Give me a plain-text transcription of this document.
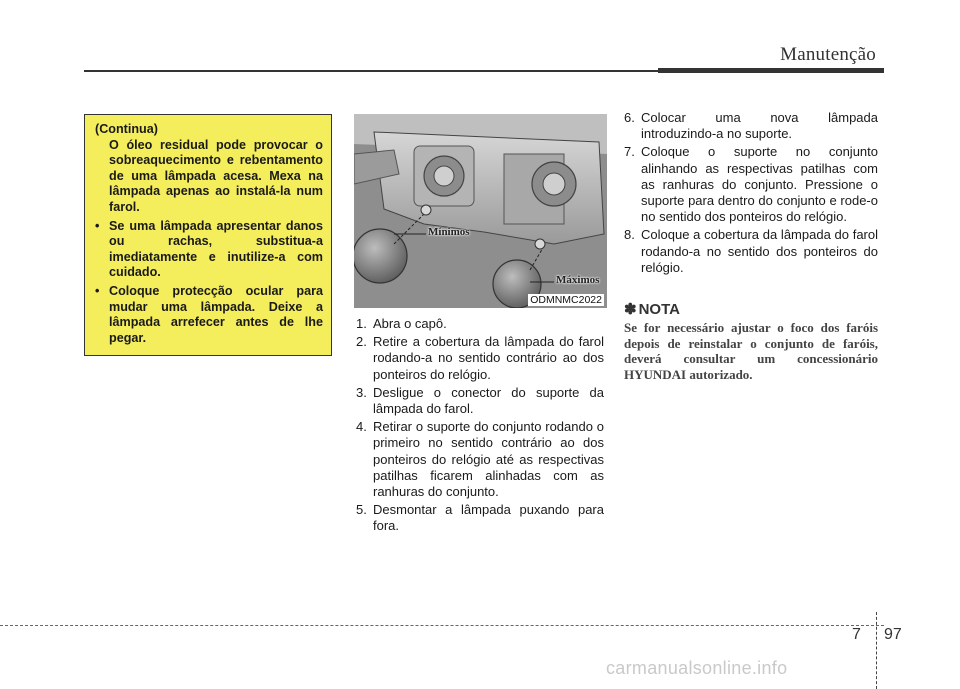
Manutenção

(Continua)

O óleo residual pode provocar o sobreaquecimento e rebentamento de uma lâmpada acesa. Mexa na lâmpada apenas ao instalá-la num farol.

• Se uma lâmpada apresentar danos ou rachas, substitua-a imediatamente e inutilize-a com cuidado.
• Coloque protecção ocular para mudar uma lâmpada. Deixe a lâmpada arrefecer antes de lhe pegar.
Mínimos
Máximos
ODMNMC2022
1. Abra o capô.
2. Retire a cobertura da lâmpada do farol rodando-a no sentido contrário ao dos ponteiros do relógio.
3. Desligue o conector do suporte da lâmpada do farol.
4. Retirar o suporte do conjunto rodando o primeiro no sentido contrário ao dos ponteiros do relógio até as respectivas patilhas ficarem alinhadas com as ranhuras do conjunto.
5. Desmontar a lâmpada puxando para fora.
6. Colocar uma nova lâmpada introduzindo-a no suporte.
7. Coloque o suporte no conjunto alinhando as respectivas patilhas com as ranhuras do conjunto. Pressione o suporte para dentro do conjunto e rode-o no sentido dos ponteiros do relógio.
8. Coloque a cobertura da lâmpada do farol rodando-a no sentido dos ponteiros do relógio.
✽ NOTA
Se for necessário ajustar o foco dos faróis depois de reinstalar o conjunto de faróis, deverá consultar um concessionário HYUNDAI autorizado.
7 97
carmanualsonline.info
